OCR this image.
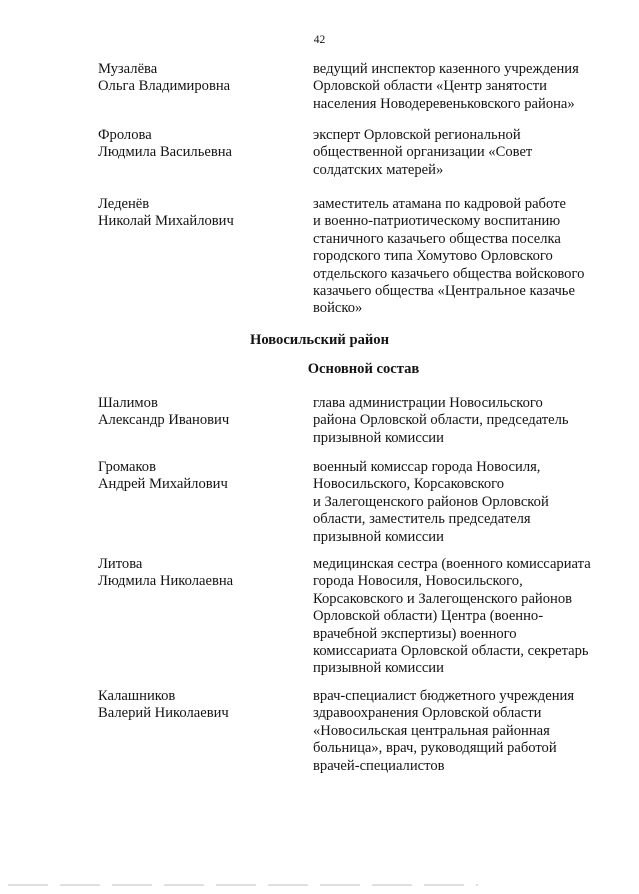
42
Музалёва
Ольга Владимировна
ведущий инспектор казенного учреждения
Орловской области «Центр занятости
населения Новодеревеньковского района»
Фролова
Людмила Васильевна
эксперт Орловской региональной
общественной организации «Совет
солдатских матерей»
Леденёв
Николай Михайлович
заместитель атамана по кадровой работе
и военно-патриотическому воспитанию
станичного казачьего общества поселка
городского типа Хомутово Орловского
отдельского казачьего общества войскового
казачьего общества «Центральное казачье
войско»
Новосильский район
Основной состав
Шалимов
Александр Иванович
глава администрации Новосильского
района Орловской области, председатель
призывной комиссии
Громаков
Андрей Михайлович
военный комиссар города Новосиля,
Новосильского, Корсаковского
и Залегощенского районов Орловской
области, заместитель председателя
призывной комиссии
Литова
Людмила Николаевна
медицинская сестра (военного комиссариата
города Новосиля, Новосильского,
Корсаковского и Залегощенского районов
Орловской области) Центра (военно-
врачебной экспертизы) военного
комиссариата Орловской области, секретарь
призывной комиссии
Калашников
Валерий Николаевич
врач-специалист бюджетного учреждения
здравоохранения Орловской области
«Новосильская центральная районная
больница», врач, руководящий работой
врачей-специалистов
